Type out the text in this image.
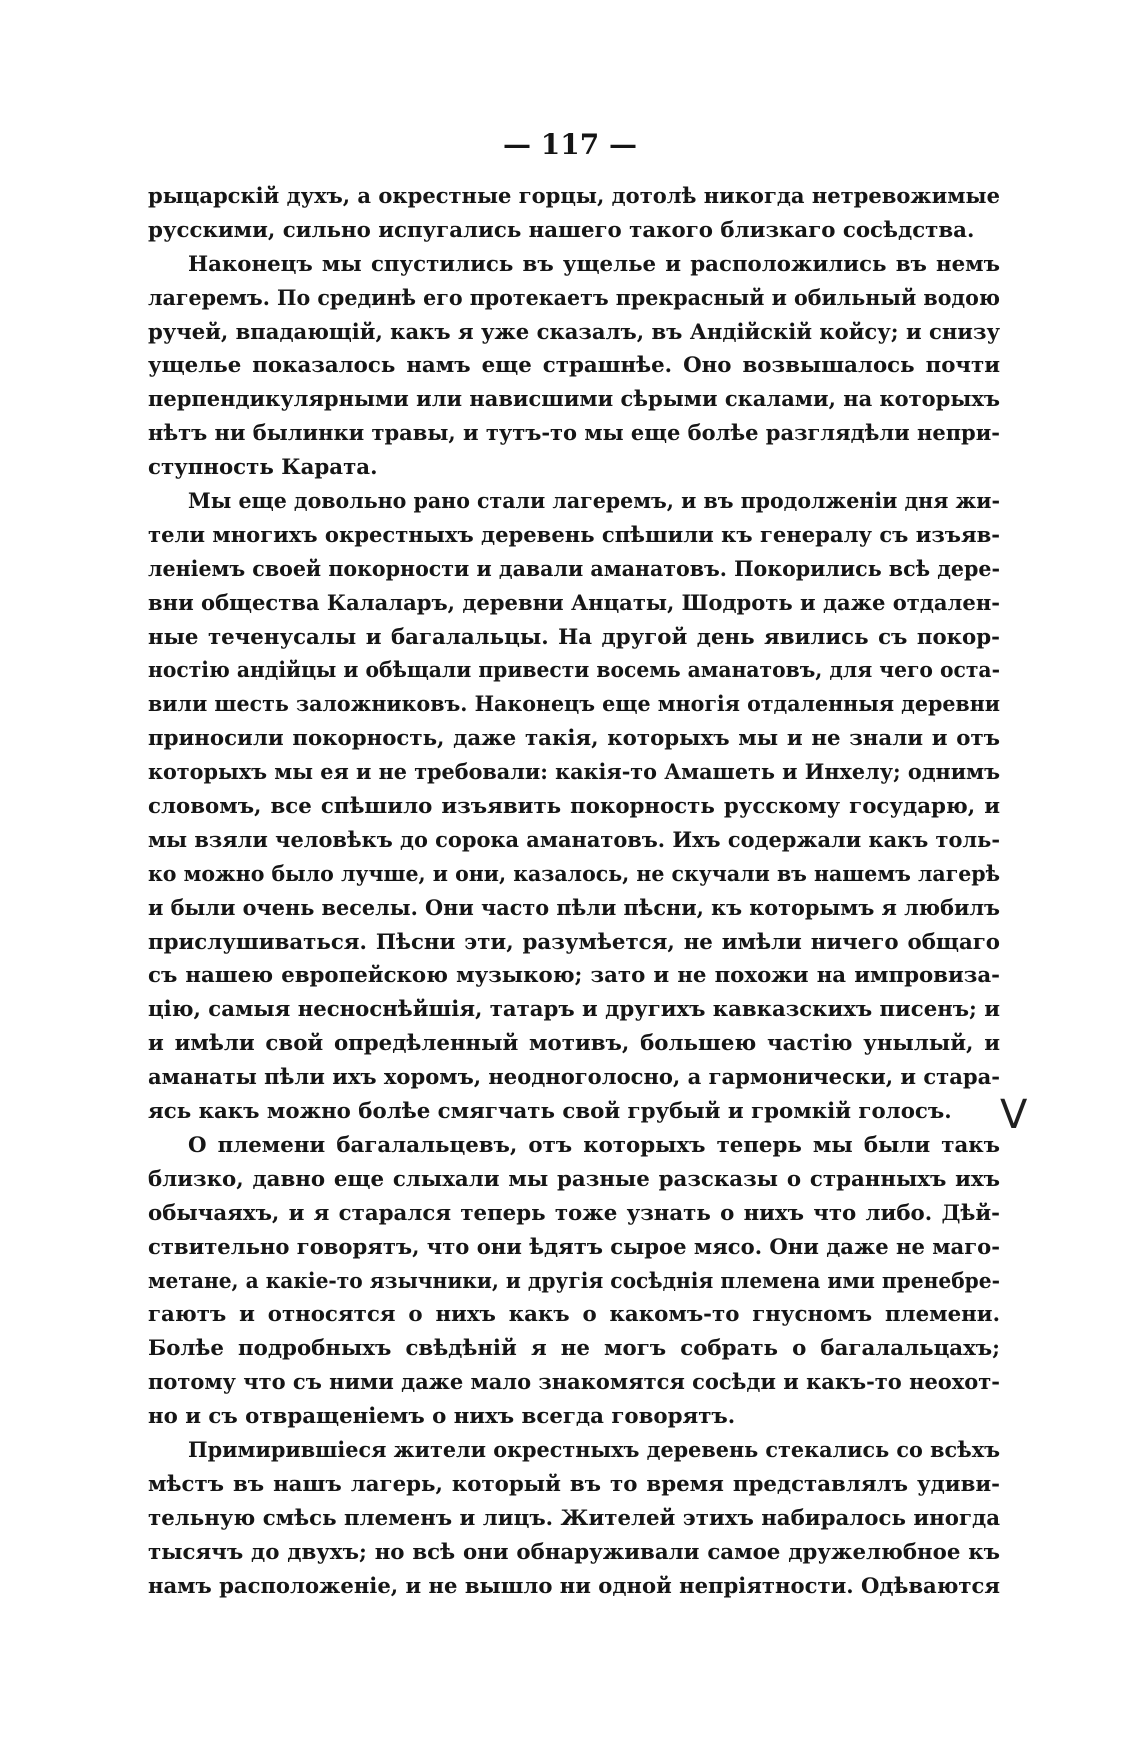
— 117 —
рыцарскій духъ, а окрестные горцы, дотолѣ никогда нетревожимые
русскими, сильно испугались нашего такого близкаго сосѣдства.
Наконецъ мы спустились въ ущелье и расположились въ немъ
лагеремъ. По срединѣ его протекаетъ прекрасный и обильный водою
ручей, впадающій, какъ я уже сказалъ, въ Андійскій койсу; и снизу
ущелье показалось намъ еще страшнѣе. Оно возвышалось почти
перпендикулярными или нависшими сѣрыми скалами, на которыхъ
нѣтъ ни былинки травы, и тутъ-то мы еще болѣе разглядѣли непри-
ступность Карата.
Мы еще довольно рано стали лагеремъ, и въ продолженіи дня жи-
тели многихъ окрестныхъ деревень спѣшили къ генералу съ изъяв-
леніемъ своей покорности и давали аманатовъ. Покорились всѣ дере-
вни общества Калаларъ, деревни Анцаты, Шодроть и даже отдален-
ные теченусалы и багалальцы. На другой день явились съ покор-
ностію андійцы и обѣщали привести восемь аманатовъ, для чего оста-
вили шесть заложниковъ. Наконецъ еще многія отдаленныя деревни
приносили покорность, даже такія, которыхъ мы и не знали и отъ
которыхъ мы ея и не требовали: какія-то Амашеть и Инхелу; однимъ
словомъ, все спѣшило изъявить покорность русскому государю, и
мы взяли человѣкъ до сорока аманатовъ. Ихъ содержали какъ толь-
ко можно было лучше, и они, казалось, не скучали въ нашемъ лагерѣ
и были очень веселы. Они часто пѣли пѣсни, къ которымъ я любилъ
прислушиваться. Пѣсни эти, разумѣется, не имѣли ничего общаго
съ нашею европейскою музыкою; зато и не похожи на импровиза-
цію, самыя несноснѣйшія, татаръ и другихъ кавказскихъ писенъ; и
и имѣли свой опредѣленный мотивъ, большею частію унылый, и
аманаты пѣли ихъ хоромъ, неодноголосно, а гармонически, и стара-
ясь какъ можно болѣе смягчать свой грубый и громкій голосъ.
О племени багалальцевъ, отъ которыхъ теперь мы были такъ
близко, давно еще слыхали мы разные разсказы о странныхъ ихъ
обычаяхъ, и я старался теперь тоже узнать о нихъ что либо. Дѣй-
ствительно говорятъ, что они ѣдятъ сырое мясо. Они даже не маго-
метане, а какіе-то язычники, и другія сосѣднія племена ими пренебре-
гаютъ и относятся о нихъ какъ о какомъ-то гнусномъ племени.
Болѣе подробныхъ свѣдѣній я не могъ собрать о багалальцахъ;
потому что съ ними даже мало знакомятся сосѣди и какъ-то неохот-
но и съ отвращеніемъ о нихъ всегда говорятъ.
Примирившіеся жители окрестныхъ деревень стекались со всѣхъ
мѣстъ въ нашъ лагерь, который въ то время представлялъ удиви-
тельную смѣсь племенъ и лицъ. Жителей этихъ набиралось иногда
тысячъ до двухъ; но всѣ они обнаруживали самое дружелюбное къ
намъ расположеніе, и не вышло ни одной непріятности. Одѣваются
V
